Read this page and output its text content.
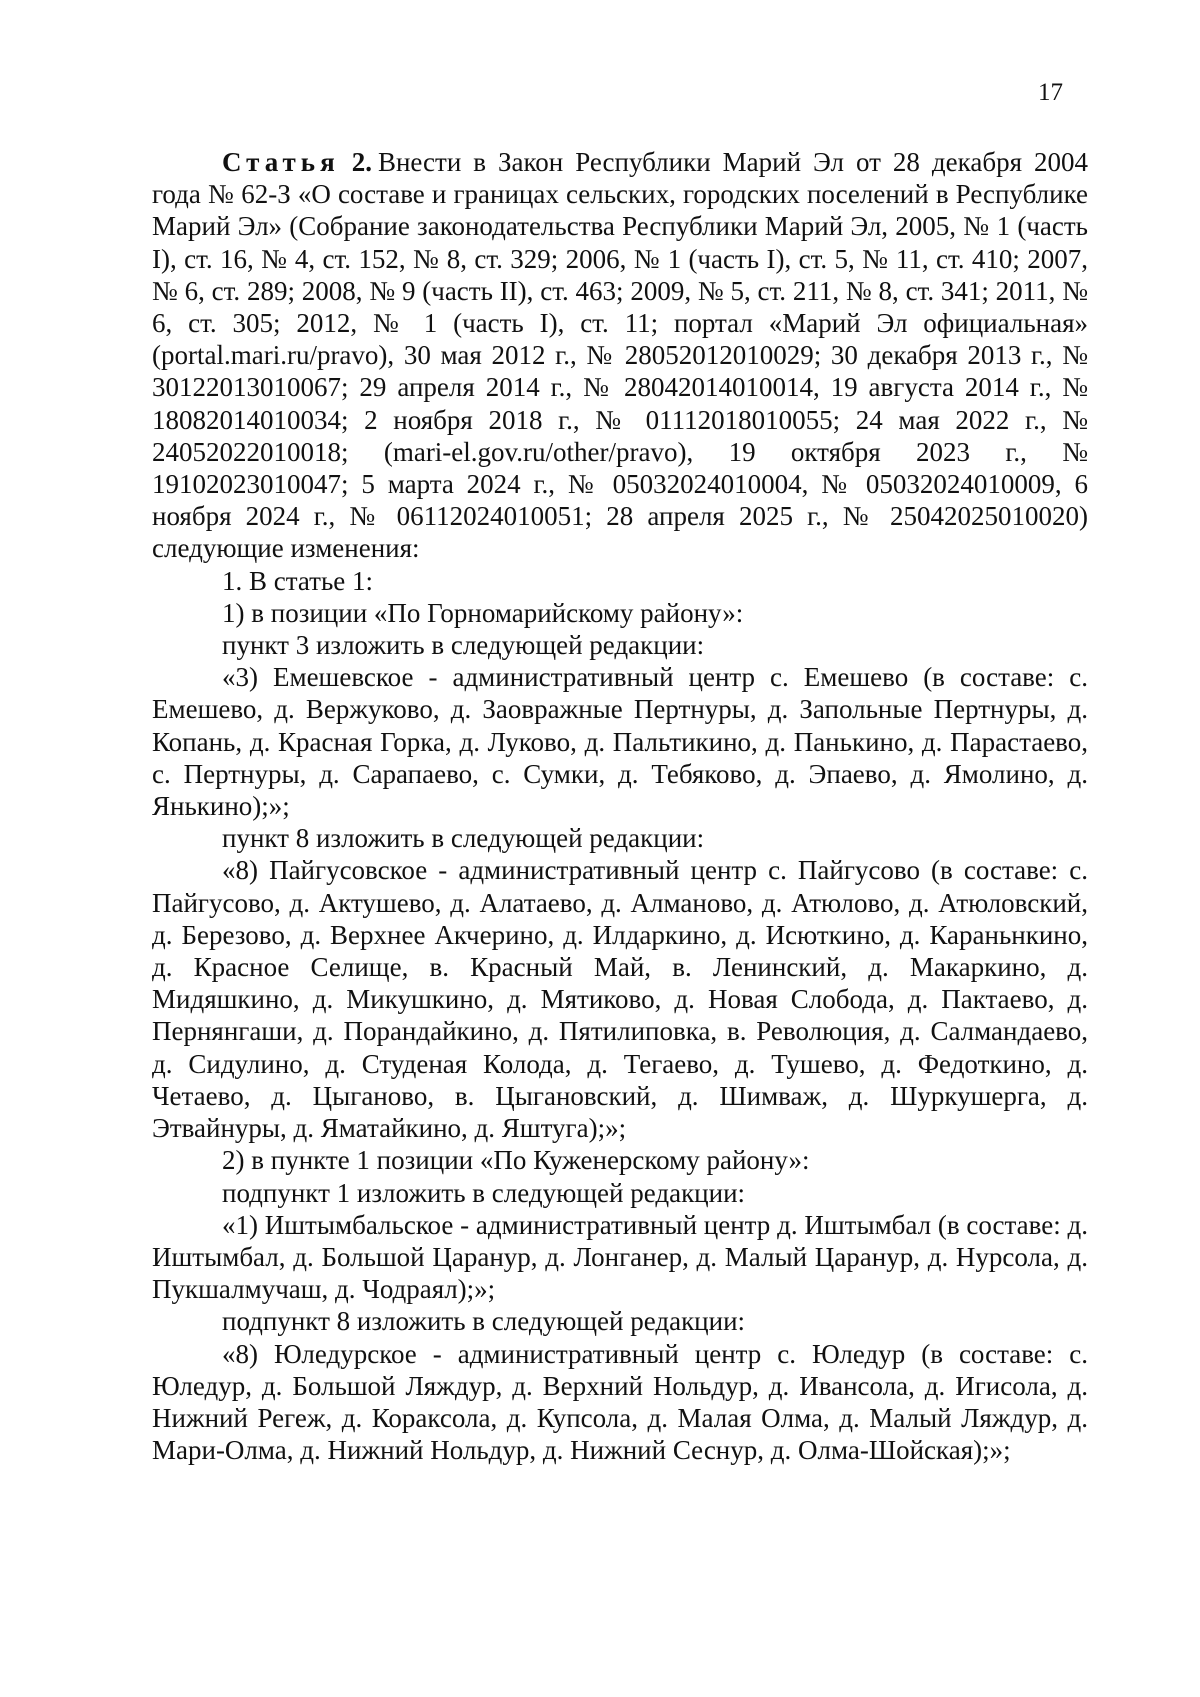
17

Статья 2. Внести в Закон Республики Марий Эл от 28 декабря 2004 года № 62-З «О составе и границах сельских, городских поселений в Республике Марий Эл» (Собрание законодательства Республики Марий Эл, 2005, № 1 (часть I), ст. 16, № 4, ст. 152, № 8, ст. 329; 2006, № 1 (часть I), ст. 5, № 11, ст. 410; 2007, № 6, ст. 289; 2008, № 9 (часть II), ст. 463; 2009, № 5, ст. 211, № 8, ст. 341; 2011, № 6, ст. 305; 2012, № 1 (часть I), ст. 11; портал «Марий Эл официальная» (portal.mari.ru/pravo), 30 мая 2012 г., № 28052012010029; 30 декабря 2013 г., № 30122013010067; 29 апреля 2014 г., № 28042014010014, 19 августа 2014 г., № 18082014010034; 2 ноября 2018 г., № 01112018010055; 24 мая 2022 г., № 24052022010018; (mari-el.gov.ru/other/pravo), 19 октября 2023 г., № 19102023010047; 5 марта 2024 г., № 05032024010004, № 05032024010009, 6 ноября 2024 г., № 06112024010051; 28 апреля 2025 г., № 25042025010020) следующие изменения:

1. В статье 1:

1) в позиции «По Горномарийскому району»:

пункт 3 изложить в следующей редакции:

«3) Емешевское - административный центр с. Емешево (в составе: с. Емешево, д. Вержуково, д. Заовражные Пертнуры, д. Запольные Пертнуры, д. Копань, д. Красная Горка, д. Луково, д. Пальтикино, д. Панькино, д. Парастаево, с. Пертнуры, д. Сарапаево, с. Сумки, д. Тебяково, д. Эпаево, д. Ямолино, д. Янькино);»;

пункт 8 изложить в следующей редакции:

«8) Пайгусовское - административный центр с. Пайгусово (в составе: с. Пайгусово, д. Актушево, д. Алатаево, д. Алманово, д. Атюлово, д. Атюловский, д. Березово, д. Верхнее Акчерино, д. Илдаркино, д. Исюткино, д. Караньнкино, д. Красное Селище, в. Красный Май, в. Ленинский, д. Макаркино, д. Мидяшкино, д. Микушкино, д. Мятиково, д. Новая Слобода, д. Пактаево, д. Пернянгаши, д. Порандайкино, д. Пятилиповка, в. Революция, д. Салмандаево, д. Сидулино, д. Студеная Колода, д. Тегаево, д. Тушево, д. Федоткино, д. Четаево, д. Цыганово, в. Цыгановский, д. Шимваж, д. Шуркушерга, д. Этвайнуры, д. Яматайкино, д. Яштуга);»;

2) в пункте 1 позиции «По Куженерскому району»:

подпункт 1 изложить в следующей редакции:

«1) Иштымбальское - административный центр д. Иштымбал (в составе: д. Иштымбал, д. Большой Царанур, д. Лонганер, д. Малый Царанур, д. Нурсола, д. Пукшалмучаш, д. Чодраял);»;

подпункт 8 изложить в следующей редакции:

«8) Юледурское - административный центр с. Юледур (в составе: с. Юледур, д. Большой Ляждур, д. Верхний Нольдур, д. Ивансола, д. Игисола, д. Нижний Регеж, д. Кораксола, д. Купсола, д. Малая Олма, д. Малый Ляждур, д. Мари-Олма, д. Нижний Нольдур, д. Нижний Сеснур, д. Олма-Шойская);»;
